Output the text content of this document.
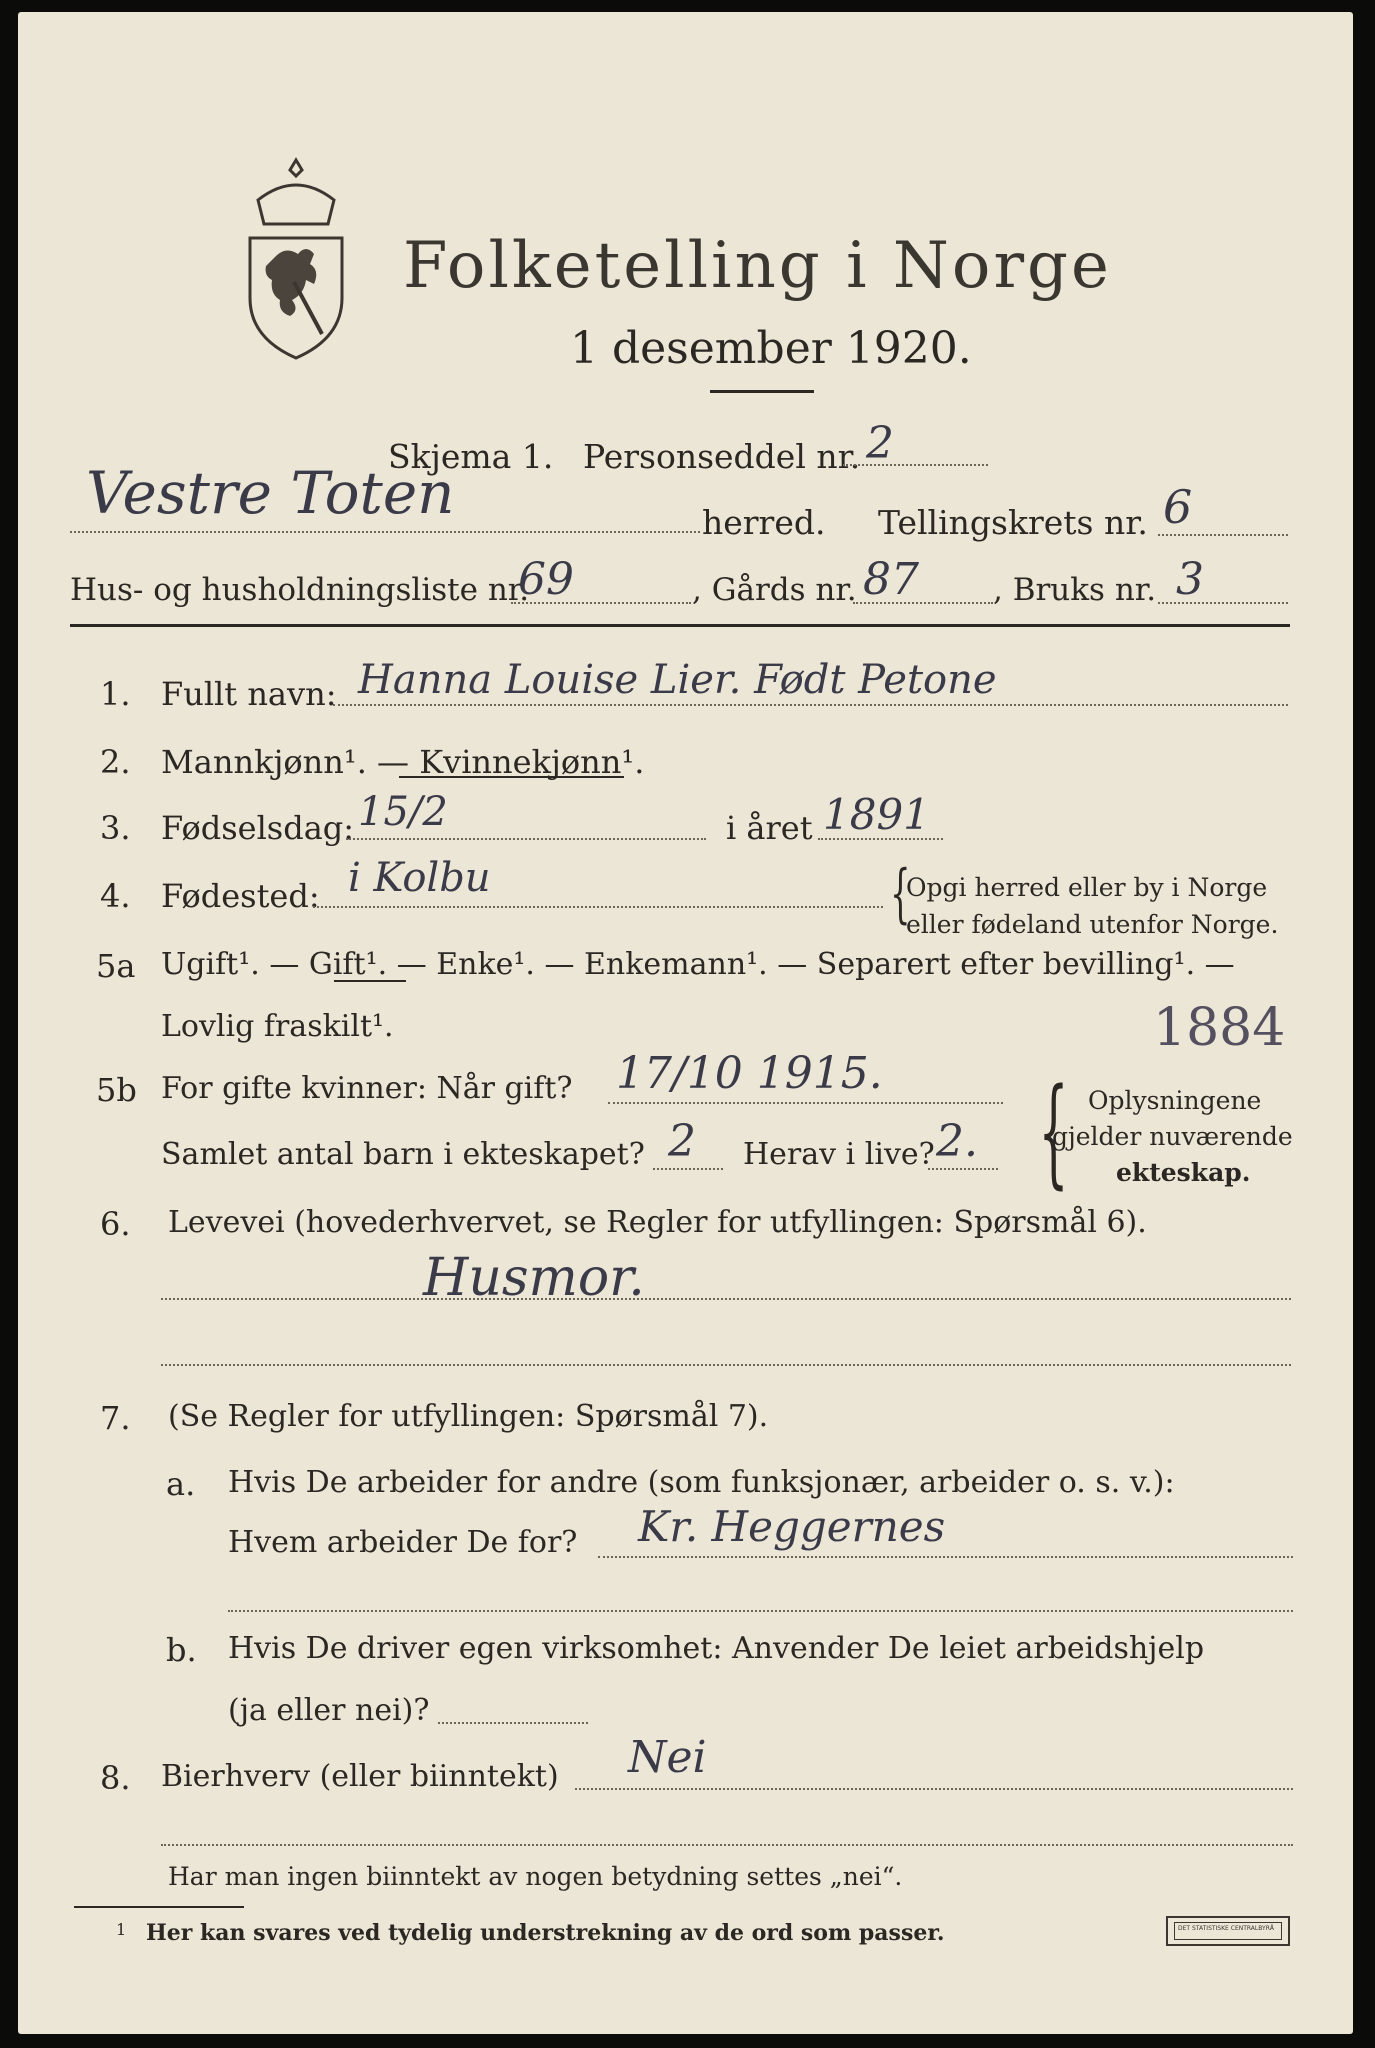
Folketelling i Norge
1 desember 1920.
Skjema 1. Personseddel nr. 2
Vestre Toten	herred. Tellingskrets nr. 6
Hus- og husholdningsliste nr.
69	, Gårds nr. 87 , Bruks nr. 3
1. Fullt navn: Hanna Louise Lier. Født Petone
2. Mannkjønn¹. — Kvinnekjønn¹.
3. Fødselsdag: 15/2	i året 1891
4. Fødested: i Kolbu	{
Opgi herred eller by i Norge
eller fødeland utenfor Norge.
5a Ugift¹. — Gift¹. — Enke¹. — Enkemann¹. — Separert efter bevilling¹. —
Lovlig fraskilt¹.	1884
5b For gifte kvinner: Når gift? 17/10 1915.
Samlet antal barn i ekteskapet? 2 Herav i live? 2. { Oplysningene
gjelder nuværende
ekteskap.
6. Levevei (hovederhvervet, se Regler for utfyllingen: Spørsmål 6).
Husmor.
7. (Se Regler for utfyllingen: Spørsmål 7).
a. Hvis De arbeider for andre (som funksjonær, arbeider o. s. v.):
Hvem arbeider De for? Kr. Heggernes
b. Hvis De driver egen virksomhet: Anvender De leiet arbeidshjelp
(ja eller nei)?
8. Bierhverv (eller biinntekt) Nei
Har man ingen biinntekt av nogen betydning settes „nei“.
1 Her kan svares ved tydelig understrekning av de ord som passer.	DET STATISTISKE CENTRALBYRÅ
